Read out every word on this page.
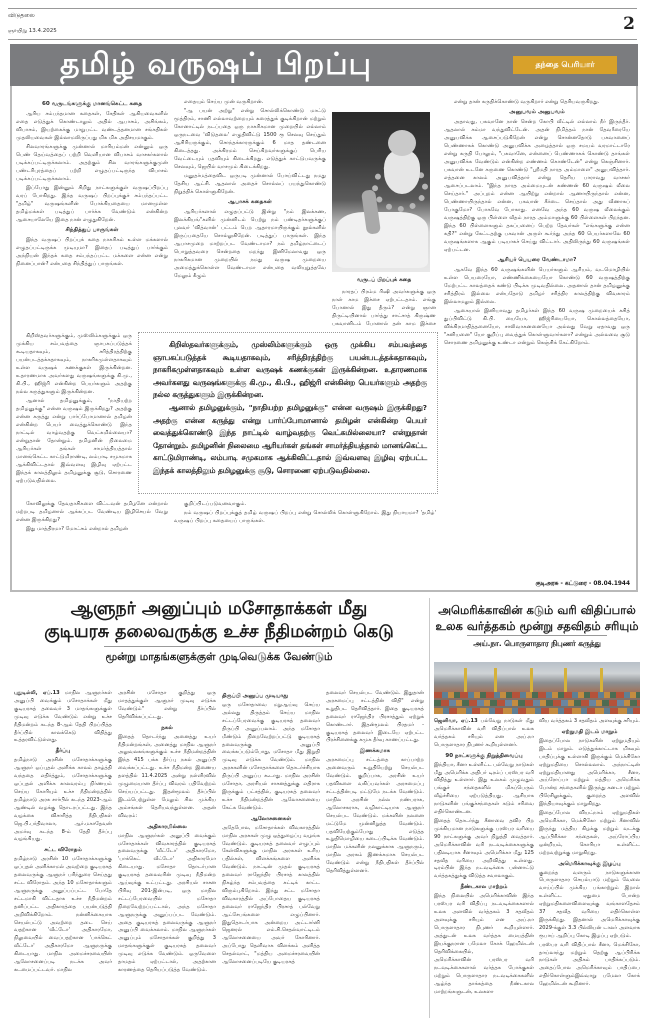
விடுதலை
ஞாயிறு 13.4.2025	2
தமிழ் வருஷப் பிறப்பு	தந்தை பெரியார்
60 வருடங்களுக்கு மானங்கெட்ட கதை

ஆரிய சம்பந்தமான கதைகள், சேதிகள் ஆகியவைகளில் எதை எடுத்துக் கொண்டாலும் அதில் ஆபாசம், அசிங்கம், விபாசம், இயற்கைக்கு மாறுபட்ட வண்டத்தனமான சங்கதிகள் முதலியவைகள் இல்லாமலிருப்பது மிக மிக அதிசயமாகும்.

சிலவாரங்களுக்கு முன்னால் மாரியம்மன் என்னும் ஒரு பெண் தெய்வத்தைப் பற்றி வெளியான விபாசம் வாசகர்களால் படிக்கப்பட்டிருக்கலாம். அதற்கும் சில வாரங்களுக்குமுன் பண்டரிபுரத்தைப் பற்றி எழுதப்பட்டிருந்த விபாசம் படிக்கப்பட்டிருக்கலாம்.

இப்போது இன்னும் சிறிது நாட்களுக்குள் வருஷப்பிறப்பு வரப் போகிறது. இந்த வருஷப் பிறப்புக்குச் சம்பந்தப்பட்ட "தமிழ்" வருஷங்களின் போக்கியதையை மானமுள்ள தமிழ்மக்கள் படித்துப் பார்க்க வேண்டும் என்கின்ற ஆசையாலேயே இதை நான் எழுதுகிறேன்.

சிந்தித்துப் பாருங்கள்

இந்த வருஷப் பிறப்புக் கதை நாகரிகம் உள்ள மக்களால் எழுதப்பட்டிருக்க முடியுமா? இதைப் படித்துப் பார்க்கும் அந்நியன் இந்தக் கதை சம்பந்தப்பட்ட மக்களை என்ன என்று நினைப்பான்? என்பதை சிந்தித்துப் பாருங்கள்.

கிறிஸ்தவர்களுக்கும், முஸ்லிம்களுக்கும் ஒரு முக்கிய சம்பவத்தை ஞாபகப்படுத்தக் கூடியதாகவும், சரித்திரத்திற்கு பயன்படத்தக்கதாகவும், நாகரிகமுள்ளதாகவும் உள்ள வருஷக் கணக்குகள் இருக்கின்றன. உதாரணமாக அவர்களது வருஷங்களுக்கு கி.மு., கி.பி., ஹிஜ்ரி என்கின்ற பெயர்களும் அதற்கு நல்ல கருத்துகளும் இருக்கின்றன.

ஆனால் தமிழனுக்கும், "நாதியற்ற தமிழனுக்கு" என்ன வருஷம் இருக்கிறது? அதற்கு என்ன கருத்து என்று பார்ப்போமானால் தமிழன் என்கின்ற பெயர் வைத்துக்கொண்டு இந்த நாட்டில் வாழ்வதற்கு வெட்கமில்லையா? என்றுதான் தோன்றும். தமிழனின் நிலைமை ஆரியர்கள் தங்கள் சாமர்த்தியத்தால் மானங்கெட்ட காட்டுமிராண்டி, லம்பாடி சமுகமாக ஆக்கிவிட்டதால் இவ்வளவு இழிவு ஏற்பட்ட இந்தக் காலத்திலும் தமிழனுக்கு சூடு, சொரணை ஏற்படுவதில்லை.

கோவிலுக்கு தேவதாசிகளை விட்டவன் தமிழனே என்றால் மற்றபடி தமிழனால் ஆக்கப்பட வேண்டிய இழிசெயல் வேறு என்ன இருக்கிறது?

இது மாத்திரமா? மோட்சம் என்றால் தமிழன்

எதையும் செய்ய முன் வருகிறான்.

"ஆ பயன் அற்று" என்று சொல்லிக்கொண்டு மாட்டு மூத்திரம், சாணி எல்லாவற்றையும் கரைத்துக் குடிக்கிறான் மற்றும் கோனாட்டில் நடப்பதை ஒரு நாகரிகமான முறையில் எல்லாம் ஒருநடவை 'விடுதலை' எழுதிவிட்டு 1500 ரூ செலவு செய்தும் ஆசிரியருக்கும், சொந்தக்காரருக்கும் 6 மாத தண்டனை கிடைத்தது. அக்கிரமம் செய்கிறவர்களுக்குப் பெரிய வேட்டையும் பதவியும் கிடைக்கிறது. எடுத்துக் காட்டுபவருக்கு செலவும், ஜெயில் வாசமும் கிடைக்கிறது.

மனுதர்மத்தைவிட ஒருபடி முன்னால் போய்விட்டது நமது தேசிய ஆட்சி. ஆதலால் அதைச் சொல்லப் பயந்துகொண்டு நிறுத்திக் கொள்ளுகிறேன்.

ஆபாசக் கதைகள்

ஆரியர்களால் எழுதப்பட்டு இன்று "நம் இலக்கண, இலக்கியங்"களில் முன்னிடம் பெற்று நம் பண்டிதர்களுக்குப் புலவர் 'வித்வான்' பட்டம் பெற ஆதாரமாயிருக்கும் நூல்களில் இருப்பதையே சொல்லுகிறேன். படித்துப் பாருங்கள். இந்த ஆபாசமுறை மாற்றப்பட வேண்டாமா? நம் தமிழ்நாட்டைப் பொறுத்தவரை சென்றதை மறந்து இனிமேலாவது ஒரு நாகரிகமான முறையில் நமது வருஷ முறையை அமைத்துக்கொள்ள வேண்டாமா என்பதை வலியுறுத்தவே மேலும் கீழும்

வருடப் பிறப்புக் கதை

நாரதப் பிரம்ம ரிஷி அவர்களுக்கு ஒரு நாள் காம இச்சை ஏற்பட்டதாம். எங்கு போனால் இது தீரும்? என்று ஞான திருட்டியினால் பார்த்து சாட்சாத் கிருஷ்ண பகவானிடம் போனால் தன் காம இச்சை

என்று தான் கருதிக்கொண்டு வருகிறார் என்று தெரியவருகிறது.

அனுபவம் அனுபவம்

அதாவது, பகவானே நான் சென்ற கோபி வீட்டில் எல்லாம் நீர் இருந்தீர். ஆதலால் சும்மா வந்துவிட்டேன். அதன் நிமித்தம் நான் தேவரீரையே அனுபவிக்க ஆசைப்படுகிறேன் என்று சொன்னதோடு பகவானைப் பெண்ணாகக் கொண்டு அனுபவிக்க அழைத்தால் ஒரு சமயம் வரமாட்டாரே என்று கருதி போலும், "பகவானே, என்னைப் பெண்ணாகக் கொண்டு தாங்கள் அனுபவிக்க வேண்டும் என்கின்ற எண்ணம் கொண்டேன்" என்று கெஞ்சினார். பகவான் உடனே கருணை கொண்டு "ஸ்ரீமதி நாரத அம்மாளை" அனுபவித்தார். எத்தனை காலம் அனுபவித்தார் என்று தெரிய பாராவது வாசகர் ஆசைப்படலாம். "இந்த நாரத அம்மையுடன் கண்ணன் 60 வருஷம் லீலை செய்தார்." அப்புறம் என்ன ஆயிற்று என்றால் ஆணாயிருந்தால் என்ன, பெண்ணாயிருந்தால் என்ன, பகவான் கீர்டை செய்தால் அது வீணாகப் போகுமோ? போகவே போகாது. எனவே அந்த 60 வருஷ லீலைக்கும் வருஷத்திற்கு ஒரு பிள்ளை வீதம் நாரத அம்மாளுக்கு 60 பிள்ளைகள் பிறந்தன. இந்த 60 பிள்ளைகளும் தகப்பனைப் பெற்ற தேவர்கள் "எங்களுக்கு என்ன கதி?" என்று கேட்டதற்கு பகவான் அருள் கூர்ந்து அந்த 60 பெயர்களாலே 60 வருஷங்களாக ஆகும் படியாகச் செய்து விட்டார். அதிலிருந்து 60 வருஷங்கள் ஏற்பட்டன.

ஆரியர் பெயரை வேண்டாமா?

ஆகவே இந்த 60 வருஷங்களின் பெயர்களும் ஆரியம், வடமொழியில் உள்ள பெயரையோ, எண்ணிக்கையையோ கொண்டு 60 வருஷத்திற்கு மேற்பட்ட காலத்தைக் கண்டு பிடிக்க முடிவதில்லை. அதனால் தான் தமிழனுக்கு சரித்திரம் இல்லை என்பதோடு தமிழர் சரித்திர காலத்திற்கு விவகாரம் இல்லாமலும் இல்லை.

ஆகையால் இனியாவது தமிழர்கள் இந்த 60 வருஷ முறையைக் கசித் துப்பிவிட்டு கி.பி. யையோ, ஹிஜ்ரியையோ, கொல்லத்தையோ, விக்கிரமாதித்தனையோ, சாலிவாகனனையோ அல்லது வேறு ஏதாவது ஒரு "சனியனை" யோ குறிப்பு வைத்துக் கொள்ளுவார்களா? என்றும் அல்லவை சூடு சொரணை தமிழனுக்கு உண்டா என்றும் கெஞ்சிக் கேட்கிறோம்.

கிறிஸ்தவர்களுக்கும், முஸ்லிம்களுக்கும் ஒரு முக்கிய சம்பவத்தை ஞாபகப்படுத்தக் கூடியதாகவும், சரித்திரத்திற்கு பயன்படத்தக்கதாகவும், நாகரிகமுள்ளதாகவும் உள்ள வருஷக் கணக்குகள் இருக்கின்றன. உதாரணமாக அவர்களது வருஷங்களுக்கு கி.மு., கி.பி., ஹிஜ்ரி என்கின்ற பெயர்களும் அதற்கு நல்ல கருத்துகளும் இருக்கின்றன.

ஆனால் தமிழனுக்கும், "நாதியற்ற தமிழனுக்கு" என்ன வருஷம் இருக்கிறது? அதற்கு என்ன கருத்து என்று பார்ப்போமானால் தமிழன் என்கின்ற பெயர் வைத்துக்கொண்டு இந்த நாட்டில் வாழ்வதற்கு வெட்கமில்லையா? என்றுதான் தோன்றும். தமிழனின் நிலைமை ஆரியர்கள் தங்கள் சாமர்த்தியத்தால் மானங்கெட்ட காட்டுமிராண்டி, லம்பாடி சமுகமாக ஆக்கிவிட்டதால் இவ்வளவு இழிவு ஏற்பட்ட இந்தக் காலத்திலும் தமிழனுக்கு சூடு, சொரணை ஏற்படுவதில்லை.

குறிப்பிடப்படுவனவாகும்.

நம் வருஷப் பிறப்புக்குத் தமிழ் வருஷப் பிறப்பு என்று சொல்லிக் கொள்ளுகிறோம். இது நியாயமா? 'தமிழ்' வருஷப் பிறப்பு கதையைப் பாருங்கள்.

குடிஅரசு - கட்டுரை - 08.04.1944
ஆளுநர் அனுப்பும் மசோதாக்கள் மீது
குடியரசு தலைவருக்கு உச்ச நீதிமன்றம் கெடு
மூன்று மாதங்களுக்குள் முடிவெடுக்க வேண்டும்

புதுடில்லி, ஏப்.13 மாநில ஆளுநர்கள் அனுப்பி வைக்கும் மசோதாக்கள் மீது குடியரசுத் தலைவர் 3 மாதங்களுக்குள் முடிவு எடுக்க வேண்டும் என்று உச்ச நீதிமன்றம் கடந்த 8-ஆம் தேதி பிறப்பித்த தீர்ப்பில் காலக்கெடு விதித்து உத்தரவிட்டுள்ளது.

தீர்ப்பு

தமிழ்நாடு அரசின் மசோதாக்களுக்கு ஆளுநர் ஒப்புதல் அளிக்க காலம் தாழ்த்தி வந்ததை எதிர்த்தும், மசோதாக்களுக்கு ஒப்புதல் அளிக்க காலவரம்பு நிர்ணயம் செய்ய கோரியும் உச்ச நீதிமன்றத்தில் தமிழ்நாடு அரசு சார்பில் கடந்த 2023-ஆம் ஆண்டில் வழக்கு தொடரப்பட்டது. இந்த வழக்கை விசாரித்த நீதிபதிகள் ஜெ.பி.பர்திவாலா, ஆர்.மகாதேவன் அமர்வு கடந்த 8-ம் தேதி தீர்ப்பு வழங்கியது.

சட்ட விரோதம்

தமிழ்நாடு அரசின் 10 மசோதாக்களுக்கு ஒப்புதல் அளிக்காமல் அவற்றை குடியரசுத் தலைவருக்கு ஆளுநர் பரிந்துரை செய்தது சட்ட விரோதம். அந்த 10 மசோதாக்களும் ஆளுநருக்கு அனுப்பப்பட்ட போதே சட்டமாகி விட்டதாக உச்ச நீதிமன்றம் தனிப்பட்ட அதிகாரத்தை பயன்படுத்தி அறிவிக்கிறோம். நன்னிக்கையாக செயல்பட்டு அவற்றை தடை செய் வதற்கான 'வீட்டோ' அதிகாரமோ, நிலுவையில் வைப்பதற்கான 'பாக்கெட் வீட்டோ' அதிகாரமோ ஆளுநருக்கு கிடையாது. மாநில அமைச்சரவையின் ஆலோசனைப்படி நடக்க அவர் கடமைப்பட்டவர். மாநில

அரசின் மசோதா குறித்து ஒரு மாதத்துக்குள் ஆளுநர் முடிவு எடுக்க வேண்டும்" என்று தீர்ப்பில் தெரிவிக்கப்பட்டது.

நகல்

இதைத் தொடர்ந்து அனைத்து உயர் நீதிமன்றங்கள், அனைத்து மாநில ஆளுநர் அலுவலகங்களுக்கும் உச்ச நீதிமன்றத்தின் இந்த 415 பக்க தீர்ப்பு நகல் அனுப்பி வைக்கப்பட்டது. உச்ச நீதிமன்ற இணைய தளத்தில் 11.4.2025 அன்று நள்ளிரவில் முழுமையான தீர்ப்பு விவரம் பதிவேற்றம் செய்யப்பட்டது. இதன்மூலம் தீர்ப்பில் இடம்பெற்றுள்ள மேலும் சில முக்கிய அம்சங்கள் தெரியவந்துள்ளன. அதன் விவரம்:

அதிகாரமில்லை

மாநில ஆளுநர்கள் அனுப்பி வைக்கும் மசோதாக்கள் விவகாரத்தில் குடியரசுத் தலைவருக்கு 'வீட்டோ' அதிகாரமோ, 'பாக்கெட் வீட்டோ' அதிகாரமோ கிடையாது. மசோதா தொடர்பான குடியரசுத் தலைவரின் முடிவு நீதிமன்ற ஆய்வுக்கு உட்பட்டது. அரசியல் சாசன பிரிவு 201-இன்படி, ஒரு மாநில சட்டப்பேரவையில் மசோதா நிறைவேற்றப்பட்டால், அந்த மசோதா ஆளுநருக்கு அனுப்பப்பட வேண்டும். அதை குடியரசுத் தலைவருக்கு ஆளுநர் அனுப்பி வைக்கலாம். மாநில ஆளுநர்கள் அனுப்பும் மசோதாக்கள் குறித்து 3 மாதங்களுக்குள் குடியரசுத் தலைவர் முடிவு எடுக்க வேண்டும். ஒருவேளை தாமதம் ஏற்பட்டால், அதற்கான காரணத்தை தெரியப்படுத்த வேண்டும்.

திருப்பி அனுப்ப முடியாது

ஒரு மசோதாவை மறுஆய்வு செய்ய அல்லது திருத்தம் செய்ய மாநில சட்டப்பேரவைக்கு குடியரசுத் தலைவர் திருப்பி அனுப்பலாம். அந்த மசோதா மீண்டும் நிறைவேற்றப்பட்டு குடியரசுத் தலைவருக்கு அனுப்பி வைக்கப்படும்போது, மசோதா மீது இறுதி முடிவு எடுக்க வேண்டும். மாநில அரசுகளின் மசோதாக்களை தொடர்ச்சியாக திருப்பி அனுப்ப கூடாது. மாநில அரசின் மசோதா, அரசியல் சாசனத்துக்கு எதிராக இருக்கும் பட்சத்தில், குடியரசுத் தலைவர் உச்ச நீதிமன்றத்தின் ஆலோசனையை கேட்க வேண்டும்.

ஆலோசனைகள்

அதேபோல, மசோதாக்கள் விவகாரத்தில் மாநில அரசுகள் முழு ஒத்துழைப்பு வழங்க வேண்டும். குடியரசுத் தலைவர் எழுப்பும் கேள்விகளுக்கு மாநில அரசுகள் உரிய பதில்கள், விளக்கங்களை அளிக்க வேண்டும். நாட்டின் முதல் குடியரசுத் தலைவர் ராஜேந்திர பிரசாத் காலத்தில் நிகழ்ந்த சம்பவத்தை சுட்டிக் காட்ட விரும்புகிறோம். இந்து சட்ட மசோதா விவகாரத்தில் அப்போதைய குடியரசுத் தலைவர் ராஜேந்திர பிரசாத் பல்வேறு ஆட்சேபங்களை எழுப்பினார். இதுதொடர்பாக அன்றைய அட்டார்னி ஜெனரல் எம்.சி.செதல்வாட்டிடம் ஆலோசனையை அவர் கோரினார். அப்போது தெளிவாக விளக்கம் அளித்த செதல்வாட், "மத்திய அமைச்சரவையின் ஆலோசனைப்படியே குடியரசுத்

தலைவர் செயல்பட வேண்டும். இதுதான் அரசமைப்பு சட்டத்தின் விதி" என்று உறுதிபட தெரிவித்தார். இதை குடியரசுத் தலைவர் ராஜேந்திர பிரசாத்தும் ஏற்றுக் கொண்டார். இதன்மூலம் பிரதமர் - குடியரசுத் தலைவர் இடையே ஏற்பட்ட பிரச்சினைக்கு சுமுக தீர்வு காணப்பட்டது.

இணக்கமாக

அரசமைப்பு சட்டத்தை காப்பாற்ற அனைவரும் உறுதியேற்று செயல்பட வேண்டும். குறிப்பாக, அரசின் உயர் பதவிகளை வகிப்பவர்கள் அரசமைப்பு சட்டத்தின்படி மட்டுமே நடக்க வேண்டும். மாநில அரசின் நல்ல நண்பராக, ஆலோசகராக, வழிகாட்டியாக ஆளுநர் செயல்பட வேண்டும். மக்களின் நலனை மட்டுமே முன்னிறுத்த வேண்டும். பதவியேற்கும்போது எடுத்த உறுதிமொழியை கடைப்பிடிக்க வேண்டும். மாநில மக்களின் நலனுக்காக ஆளுநரும், மாநில அரசும் இணக்கமாக செயல்பட வேண்டும் என்று நீதிபதிகள் தீர்ப்பில் தெரிவித்துள்ளனர்.

அமெரிக்காவின் கடும் வரி விதிப்பால்
உலக வர்த்தகம் மூன்று சதவிதம் சரியும்
அய்.நா. பொருளாதார நிபுணர் கருத்து

ஜெனிவா, ஏப்.13 பல்வேறு நாடுகள் மீது அமெரிக்காவின் வரி விதிப்பால் உலக வர்த்தகம் சரியும் என அய்.நா பொருளாதார நிபுணர் கூறியுள்ளனர்.

90 நாட்களுக்கு நிறுத்திவைப்பு

இந்தியா, சீனா உள்ளிட்ட பல்வேறு நாடுகள் மீது அமெரிக்க அதிபர் டிரம்ப் பரஸ்பர வரி விதித்து உள்ளார். இது உலகம் முழுவதும் பங்குச் சந்தைகளில் மிகப்பெரும் வீழ்ச்சியை ஏற்படுத்தியது. ஆசியாக நாடுகளின் பங்குச்சந்தைகள் கடும் சரிவை எதிர்கொண்டன.

இதைத் தொடர்ந்து சீனாவை தவிர பிற முக்கியமான நாடுகளுக்கு பரஸ்பர வரியை 90 நாட்களுக்கு அவர் நிறுத்தி வைத்தார். அமெரிக்காவின் வரி நடவடிக்கைகளுக்கு பதிலடியாக சீனாவும் அமெரிக்கா மீது 125 சதவீத வரியை அறிவித்து உள்ளது. டிரம்பின் இந்த நடவடிக்கை பன்னாட்டு வர்த்தகத்துக்கு விடுத்த சவாலாகும்.

நீண்டகால மாற்றம்

இந்த நிலையில் அமெரிக்காவின் இந்த பரஸ்பர வரி விதிப்பு நடவடிக்கைகளால் உலக அளவில் வர்த்தகம் 3 சதவீதம் அளவுக்கு சரியும் என அய்.நா பொருளாதார நிபுணர் கூறியுள்ளார். அத்துடன் உலக வர்த்தக மையத்தின் இயக்குநரான பமேலா கோக் ஹேமில்டன் தெரிவிக்கையில்,

அமெரிக்காவின் பரஸ்பர வரி நடவடிக்கைகளால் வர்த்தக போக்குகள் மற்றும் பொருளாதார நடவடிக்கைகளில் ஆழ்ந்த தாக்கத்தை நீண்டகால மாற்றங்களுடன், உலகளா

விய வர்த்தகம் 3 சதவீதம் அளவுக்கு சரியும்.

ஏற்றுமதி இடம் மாறும்

இதைப்போல நாடுகளின் ஏற்றுமதியும் இடம் மாறும். எடுத்துக்காட்டாக மிகவும் பாதிப்புக்கு உள்ளாகி இருக்கும் மெக்சிகோ ஏற்றுமதியை சொல்லலாம். அந்நாட்டின் ஏற்றுமதியானது அமெரிக்கா, சீனா, அய்ரோப்பா மற்றும் மத்திய அமெரிக்க போன்ற சந்தைகளில் இருந்து கனடா மற்றும் பிரேசிலுக்கும், குறைந்த அளவில் இந்தியாவுக்கும் மாறுகிறது.

இதைப்போல வியட்நாம் ஏற்றுமதிகள் அமெரிக்கா, மெக்சிகோ மற்றும் சீனாவில் இருந்து மத்திய கிழக்கு மற்றும் வடக்கு ஆப்பிரிக்கா சந்தைகள், அய்ரோப்பிய ஒன்றியம், கொரியா உள்ளிட்ட மற்றவற்றுக்கு மாறுகிறது.

அமெரிக்காவுக்கு இழப்பு

குறைந்த வளரும் நாடுகளுக்கான பொருளாதார செயல்பாடு மற்றும் வேலை வாய்ப்பில் முக்கிய பங்காற்றும் இறால் உள்ளிட்ட ஏதுமை போன்ற ஏற்றுமதிகளைவிளைவுக்கு வங்காளதேசம் 37 சதவீத வரியை எதிர்கொள்ள இருக்கிறது. இதனால் அமெரிக்காவுக்கு 2029-க்குள் 3.3 பில்லியன் டாலர் அளவாக ரூபாய் ஆறிப்பு கோடி இழப்பு ஏற்படும்.

பரஸ்பர வரி விதிப்பால் சீனா, மெக்சிகோ, தாய்லாந்து மற்றும் தெற்கு ஆப்பிரிக்க நாடுகள் அதிகம் பாதிக்கப்படும். அதைப்போல அமெரிக்காவும் பாதிப்பை எதிர்கொள்ளும்இவ்வாறு பமேலா கோக் ஹேமில்டன் கூறினார்.
